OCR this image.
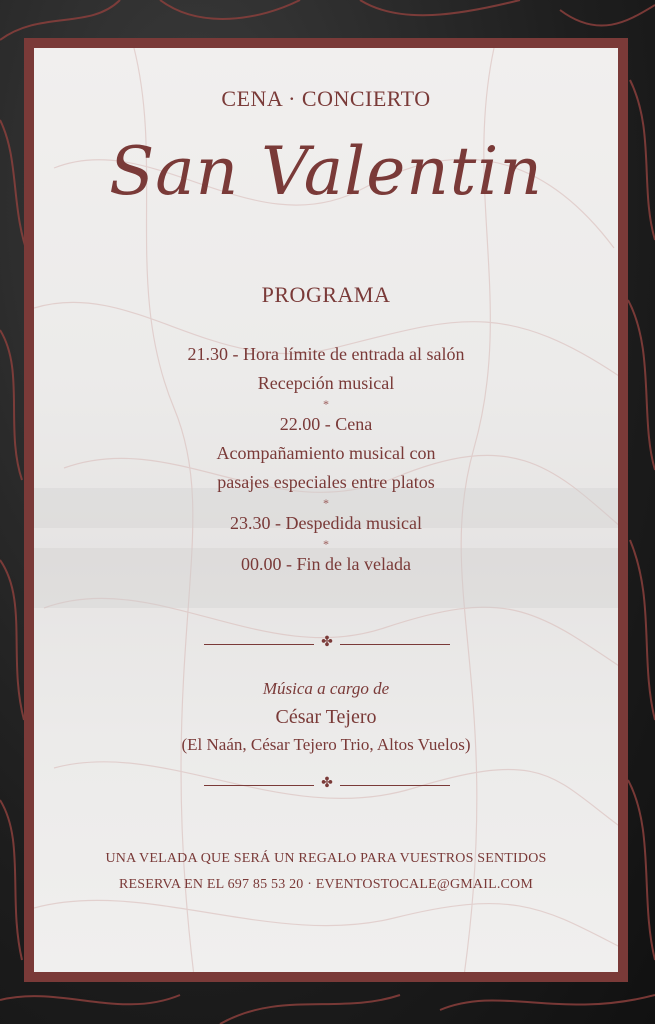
CENA · CONCIERTO
San Valentin
PROGRAMA
21.30 - Hora límite de entrada al salón
Recepción musical
*
22.00 - Cena
Acompañamiento musical con
pasajes especiales entre platos
*
23.30 - Despedida musical
*
00.00 - Fin de la velada
✤
Música a cargo de
César Tejero
(El Naán, César Tejero Trio, Altos Vuelos)
✤
UNA VELADA QUE SERÁ UN REGALO PARA VUESTROS SENTIDOS
RESERVA EN EL 697 85 53 20 · EVENTOSTOCALE@GMAIL.COM
